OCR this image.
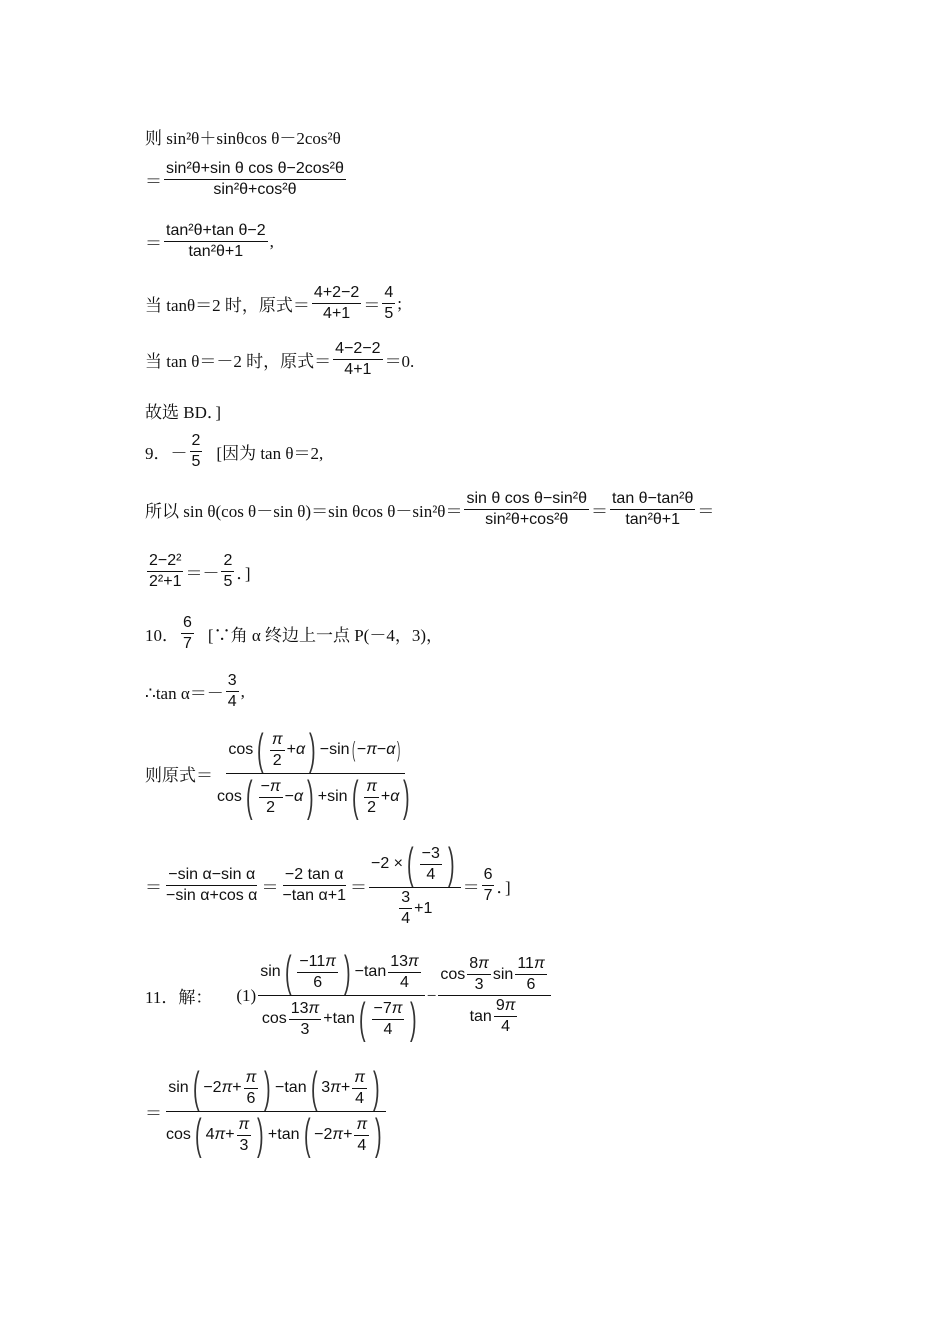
则 sin²θ＋sinθcos θ－2cos²θ
＝ $\frac{\text{sin²θ+sin θ cos θ−2cos²θ}}{\text{sin²θ+cos²θ}}$
＝ $\frac{\text{tan²θ+tan θ−2}}{\text{tan²θ+1}}$ ,
当 tanθ＝2 时，原式＝ $\frac{4+2-2}{4+1} = \frac{4}{5}$ ;
当 tan θ＝－2 时，原式＝ $\frac{4-2-2}{4+1} =0$.
故选 BD．]
9．－ $\frac{2}{5}$ [因为 tan θ＝2,
所以 sin θ(cos θ－sin θ)＝sin θcos $\theta-\sin^2\theta= \frac{\text{sin θ cos θ−sin²θ}}{\text{sin²θ+cos²θ}} = \frac{\text{tan θ−tan²θ}}{\text{tan²θ+1}}$ ＝
$\frac{\text{2−2²}}{\text{2²+1}} =- \frac{2}{5}$ ．]
10． $\frac{6}{7}$ [∵角 α 终边上一点 P(－4，3)，
∴tan $\alpha=- \frac{3}{4}$ ,
则原式＝ $\frac{\cos ( \frac{\pi}{2} + \alpha ) -\sin ( - \pi - \alpha )}{\cos ( \frac{-\pi}{2} - \alpha ) +\sin ( \frac{\pi}{2} + \alpha )}$
＝ $\frac{\text{−sin α−sin α}}{\text{−sin α+cos α}} = \frac{\text{−2 tan α}}{\text{−tan α+1}} = \frac{-2 \times ( \frac{-3}{4} )}{\frac{3}{4} +1} = \frac{6}{7}$ ．]
11．解： $(1) \frac{\sin ( \frac{-11\pi}{6} ) -\tan \frac{13\pi}{4}}{\cos \frac{13\pi}{3} +\tan ( \frac{-7\pi}{4} )} - \frac{\cos \frac{8\pi}{3} \sin \frac{11\pi}{6}}{\tan \frac{9\pi}{4}}$
＝ $\frac{\sin ( -2 \pi + \frac{\pi}{6} ) -\tan ( 3 \pi + \frac{\pi}{4} )}{\cos ( 4 \pi + \frac{\pi}{3} ) +\tan ( -2 \pi + \frac{\pi}{4} )}$
